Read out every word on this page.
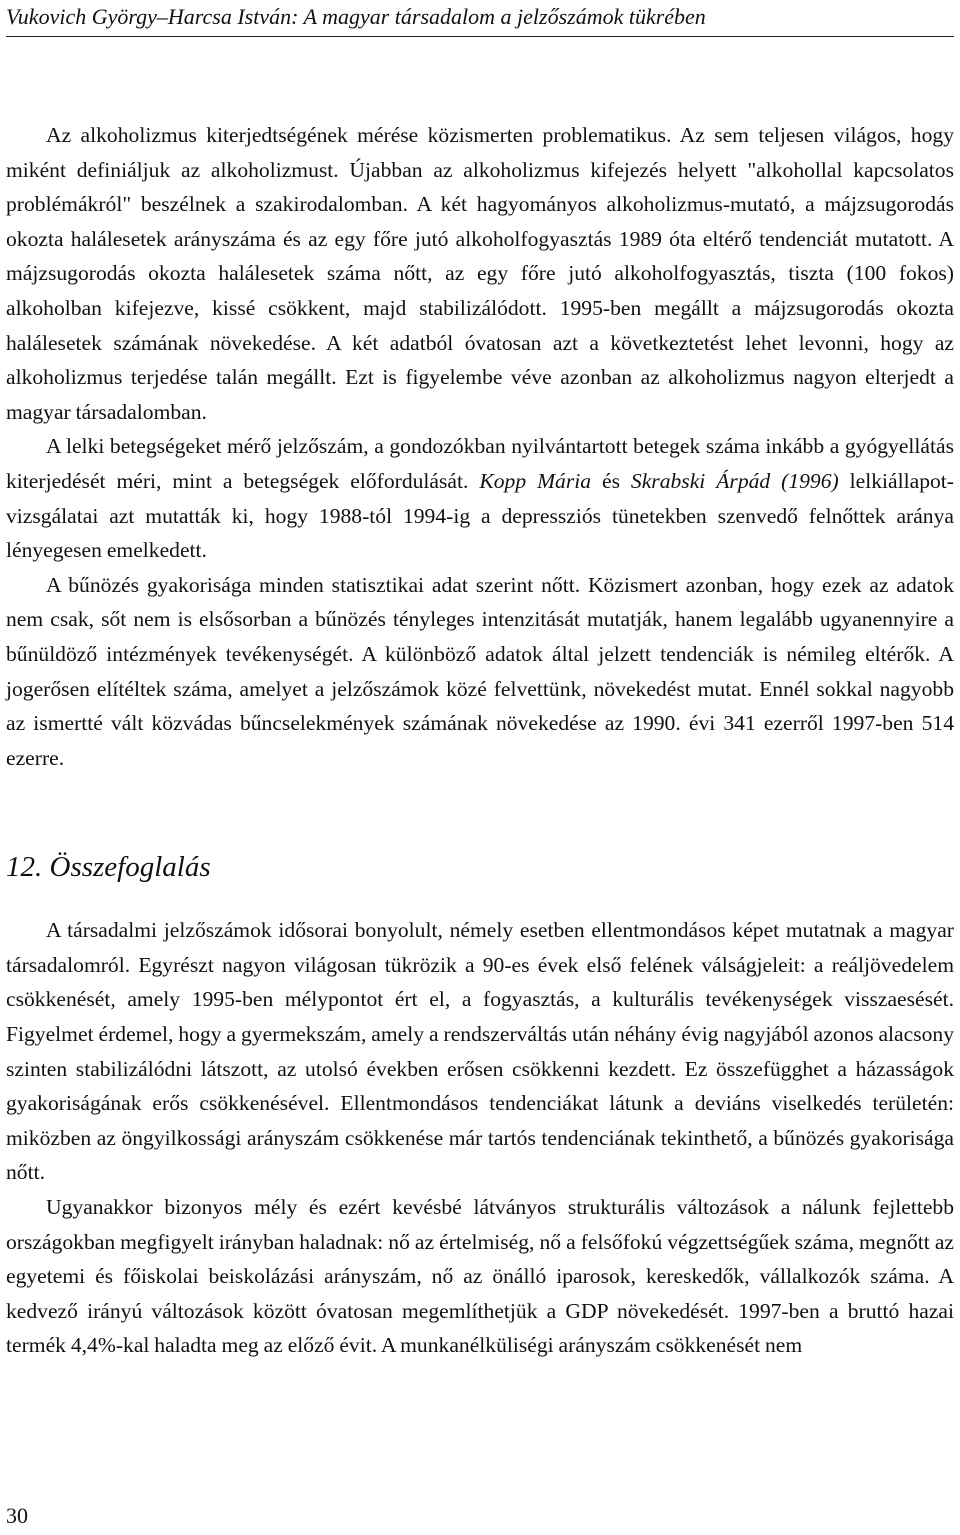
Vukovich György–Harcsa István: A magyar társadalom a jelzőszámok tükrében

Az alkoholizmus kiterjedtségének mérése közismerten problematikus. Az sem teljesen világos, hogy miként definiáljuk az alkoholizmust. Újabban az alkoholizmus kifejezés helyett "alkohollal kapcsolatos problémákról" beszélnek a szakirodalomban. A két hagyományos alkoholizmus-mutató, a májzsugorodás okozta halálesetek arányszáma és az egy főre jutó alkoholfogyasztás 1989 óta eltérő tendenciát mutatott. A májzsugorodás okozta halálesetek száma nőtt, az egy főre jutó alkoholfogyasztás, tiszta (100 fokos) alkoholban kifejezve, kissé csökkent, majd stabilizálódott. 1995-ben megállt a májzsugorodás okozta halálesetek számának növekedése. A két adatból óvatosan azt a következtetést lehet levonni, hogy az alkoholizmus terjedése talán megállt. Ezt is figyelembe véve azonban az alkoholizmus nagyon elterjedt a magyar társadalomban.

A lelki betegségeket mérő jelzőszám, a gondozókban nyilvántartott betegek száma inkább a gyógyellátás kiterjedését méri, mint a betegségek előfordulását. Kopp Mária és Skrabski Árpád (1996) lelkiállapot-vizsgálatai azt mutatták ki, hogy 1988-tól 1994-ig a depressziós tünetekben szenvedő felnőttek aránya lényegesen emelkedett.

A bűnözés gyakorisága minden statisztikai adat szerint nőtt. Közismert azonban, hogy ezek az adatok nem csak, sőt nem is elsősorban a bűnözés tényleges intenzitását mutatják, hanem legalább ugyanennyire a bűnüldöző intézmények tevékenységét. A különböző adatok által jelzett tendenciák is némileg eltérők. A jogerősen elítéltek száma, amelyet a jelzőszámok közé felvettünk, növekedést mutat. Ennél sokkal nagyobb az ismertté vált közvádas bűncselekmények számának növekedése az 1990. évi 341 ezerről 1997-ben 514 ezerre.

12. Összefoglalás

A társadalmi jelzőszámok idősorai bonyolult, némely esetben ellentmondásos képet mutatnak a magyar társadalomról. Egyrészt nagyon világosan tükrözik a 90-es évek első felének válságjeleit: a reáljövedelem csökkenését, amely 1995-ben mélypontot ért el, a fogyasztás, a kulturális tevékenységek visszaesését. Figyelmet érdemel, hogy a gyermekszám, amely a rendszerváltás után néhány évig nagyjából azonos alacsony szinten stabilizálódni látszott, az utolsó években erősen csökkenni kezdett. Ez összefügghet a házasságok gyakoriságának erős csökkenésével. Ellentmondásos tendenciákat látunk a deviáns viselkedés területén: miközben az öngyilkossági arányszám csökkenése már tartós tendenciának tekinthető, a bűnözés gyakorisága nőtt.

Ugyanakkor bizonyos mély és ezért kevésbé látványos strukturális változások a nálunk fejlettebb országokban megfigyelt irányban haladnak: nő az értelmiség, nő a felsőfokú végzettségűek száma, megnőtt az egyetemi és főiskolai beiskolázási arányszám, nő az önálló iparosok, kereskedők, vállalkozók száma. A kedvező irányú változások között óvatosan megemlíthetjük a GDP növekedését. 1997-ben a bruttó hazai termék 4,4%-kal haladta meg az előző évit. A munkanélküliségi arányszám csökkenését nem

30
